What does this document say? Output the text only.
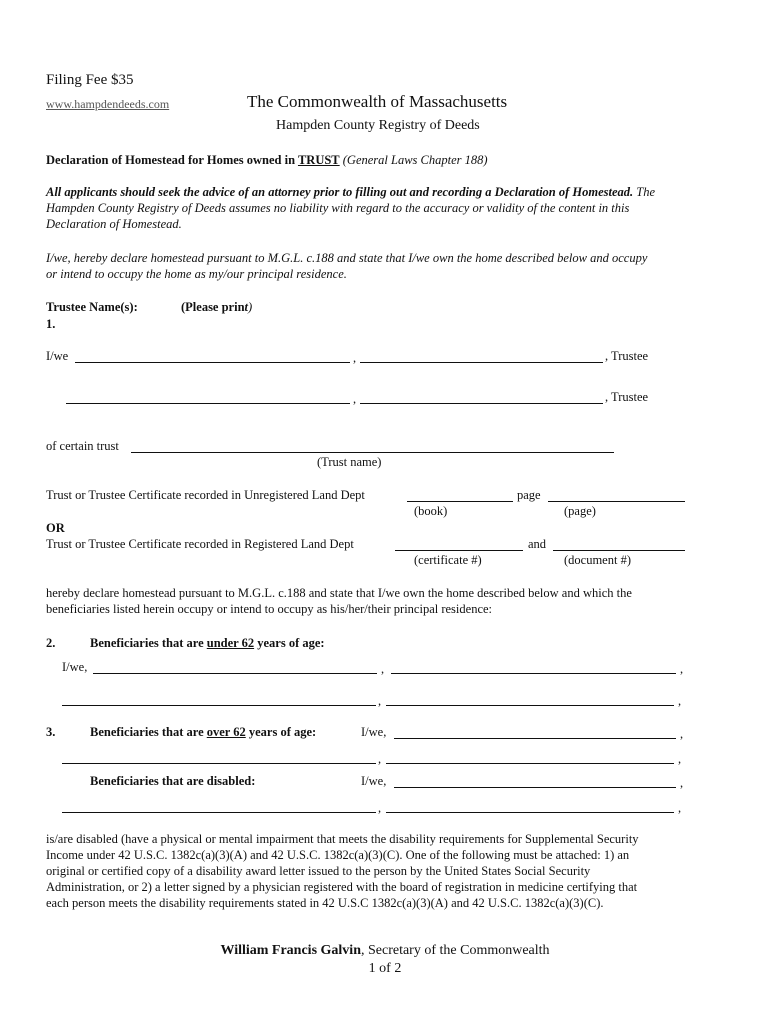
Filing Fee $35
www.hampdendeeds.com	The Commonwealth of Massachusetts
Hampden County Registry of Deeds
Declaration of Homestead for Homes owned in TRUST (General Laws Chapter 188)
All applicants should seek the advice of an attorney prior to filling out and recording a Declaration of Homestead. The
Hampden County Registry of Deeds assumes no liability with regard to the accuracy or validity of the content in this
Declaration of Homestead.
I/we, hereby declare homestead pursuant to M.G.L. c.188 and state that I/we own the home described below and occupy
or intend to occupy the home as my/our principal residence.
Trustee Name(s):	(Please print)
1.
I/we	,	, Trustee
,	, Trustee
of certain trust
(Trust name)
Trust or Trustee Certificate recorded in Unregistered Land Dept	page
(book)	(page)
OR
Trust or Trustee Certificate recorded in Registered Land Dept	and
(certificate #)	(document #)
hereby declare homestead pursuant to M.G.L. c.188 and state that I/we own the home described below and which the
beneficiaries listed herein occupy or intend to occupy as his/her/their principal residence:
2.	Beneficiaries that are under 62 years of age:
I/we,	,	,
,	,
3.	Beneficiaries that are over 62 years of age:	I/we,	,
,	,
Beneficiaries that are disabled:	I/we,	,
,	,
is/are disabled (have a physical or mental impairment that meets the disability requirements for Supplemental Security
Income under 42 U.S.C. 1382c(a)(3)(A) and 42 U.S.C. 1382c(a)(3)(C). One of the following must be attached: 1) an
original or certified copy of a disability award letter issued to the person by the United States Social Security
Administration, or 2) a letter signed by a physician registered with the board of registration in medicine certifying that
each person meets the disability requirements stated in 42 U.S.C 1382c(a)(3)(A) and 42 U.S.C. 1382c(a)(3)(C).
William Francis Galvin, Secretary of the Commonwealth
1 of 2
